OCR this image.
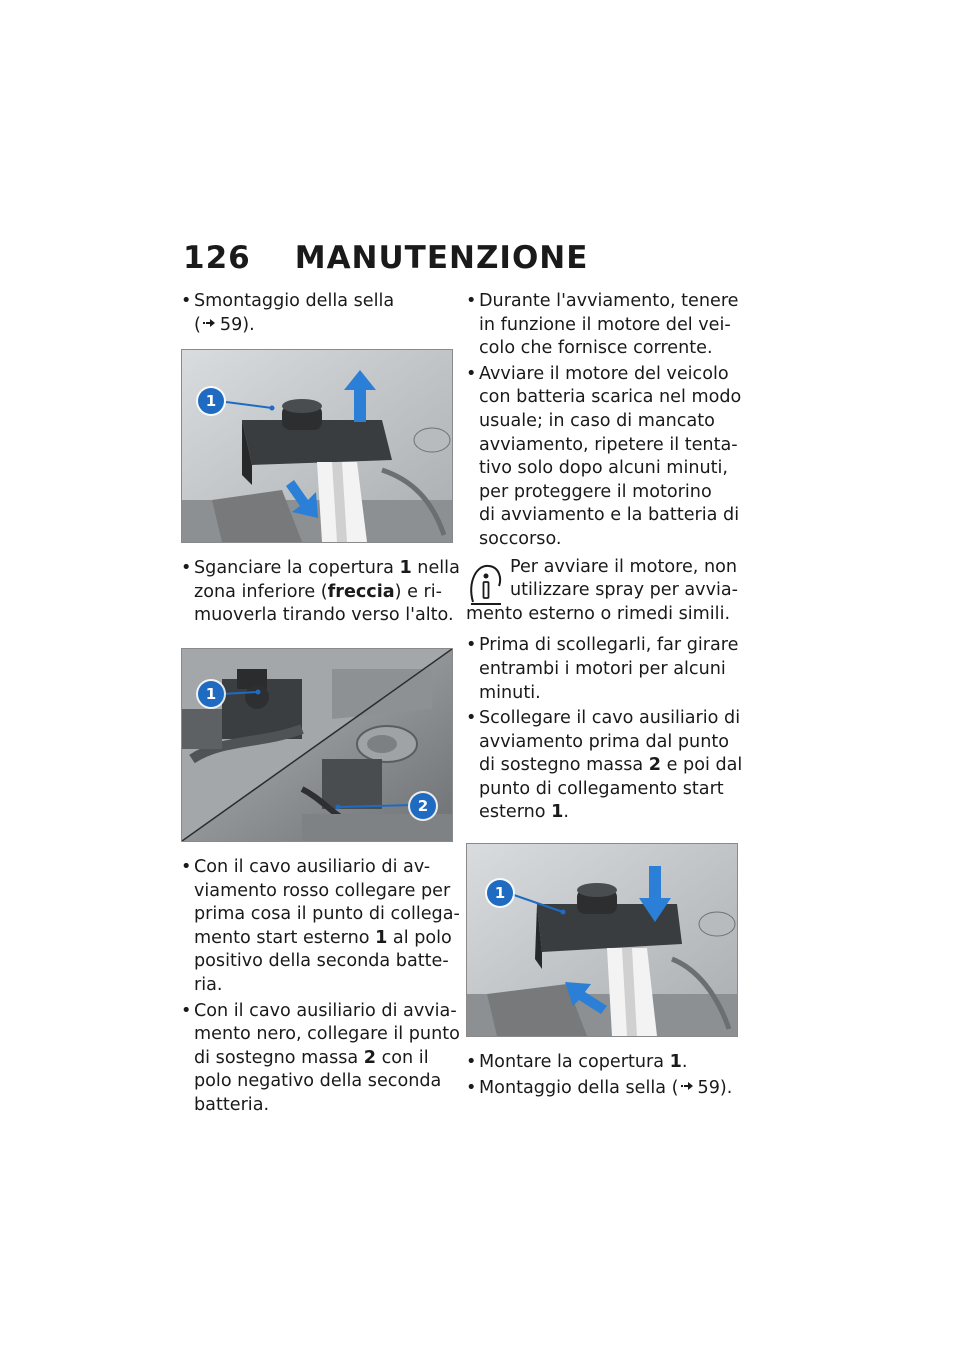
126 MANUTENZIONE
• Smontaggio della sella
( 59).
1
• Sganciare la copertura 1 nella
zona inferiore (freccia) e ri-
muoverla tirando verso l'alto.
1
2
• Con il cavo ausiliario di av-
viamento rosso collegare per
prima cosa il punto di collega-
mento start esterno 1 al polo
positivo della seconda batte-
ria.
• Con il cavo ausiliario di avvia-
mento nero, collegare il punto
di sostegno massa 2 con il
polo negativo della seconda
batteria.
• Durante l'avviamento, tenere
in funzione il motore del vei-
colo che fornisce corrente.
• Avviare il motore del veicolo
con batteria scarica nel modo
usuale; in caso di mancato
avviamento, ripetere il tenta-
tivo solo dopo alcuni minuti,
per proteggere il motorino
di avviamento e la batteria di
soccorso.
Per avviare il motore, non
utilizzare spray per avvia-
mento esterno o rimedi simili.
• Prima di scollegarli, far girare
entrambi i motori per alcuni
minuti.
• Scollegare il cavo ausiliario di
avviamento prima dal punto
di sostegno massa 2 e poi dal
punto di collegamento start
esterno 1.
1
• Montare la copertura 1.
• Montaggio della sella ( 59).
